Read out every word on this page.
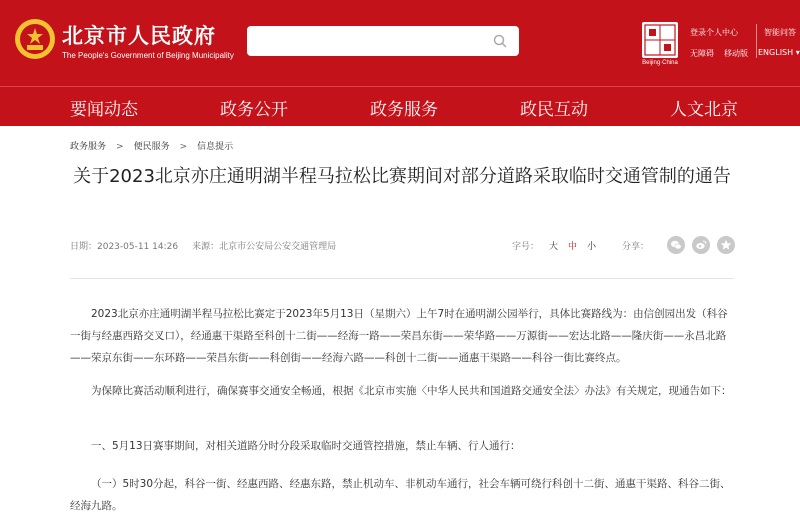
北京市人民政府
The People's Government of Beijing Municipality
Beijing·China
登录个人中心
无障碍 移动版
智能问答
ENGLISH ▾
要闻动态	政务公开	政务服务	政民互动	人文北京
政务服务 > 便民服务 > 信息提示
关于2023北京亦庄通明湖半程马拉松比赛期间对部分道路采取临时交通管制的通告
日期：2023-05-11 14:26 来源：北京市公安局公安交通管理局	字号： 大 中 小	分享：
2023北京亦庄通明湖半程马拉松比赛定于2023年5月13日（星期六）上午7时在通明湖公园举行，具体比赛路线为：由信创园出发（科谷一街与经惠西路交叉口），经通惠干渠路至科创十二街——经海一路——荣昌东街——荣华路——万源街——宏达北路——隆庆街——永昌北路——荣京东街——东环路——荣昌东街——科创街——经海六路——科创十二街——通惠干渠路——科谷一街比赛终点。
为保障比赛活动顺利进行，确保赛事交通安全畅通，根据《北京市实施〈中华人民共和国道路交通安全法〉办法》有关规定，现通告如下：
一、5月13日赛事期间，对相关道路分时分段采取临时交通管控措施，禁止车辆、行人通行：
（一）5时30分起，科谷一街、经惠西路、经惠东路，禁止机动车、非机动车通行，社会车辆可绕行科创十二街、通惠干渠路、科谷二街、经海九路。
